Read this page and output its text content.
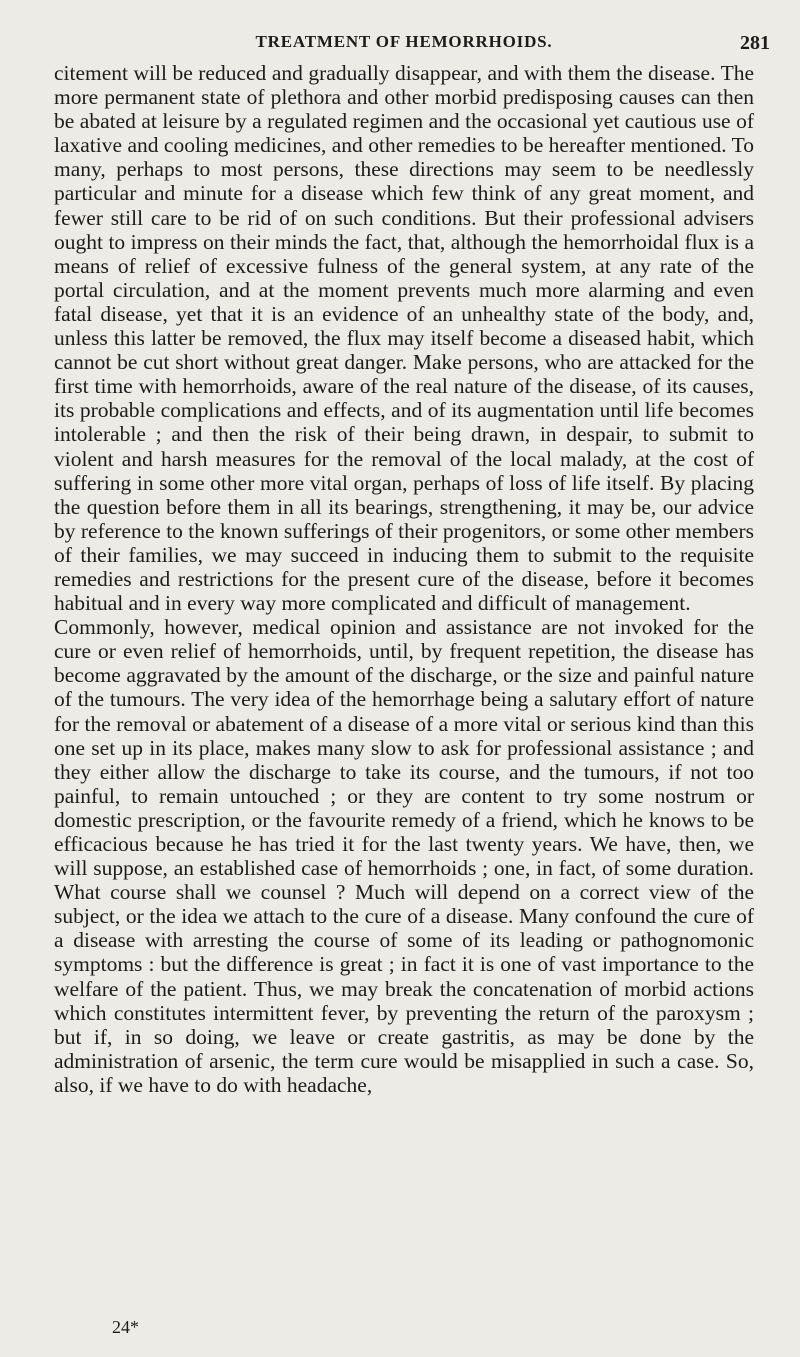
TREATMENT OF HEMORRHOIDS.	281

citement will be reduced and gradually disappear, and with them the disease. The more permanent state of plethora and other morbid predisposing causes can then be abated at leisure by a regulated regimen and the occasional yet cautious use of laxative and cooling medicines, and other remedies to be hereafter mentioned. To many, perhaps to most persons, these directions may seem to be needlessly particular and minute for a disease which few think of any great moment, and fewer still care to be rid of on such conditions. But their professional advisers ought to impress on their minds the fact, that, although the hemorrhoidal flux is a means of relief of excessive fulness of the general system, at any rate of the portal circulation, and at the moment prevents much more alarming and even fatal disease, yet that it is an evidence of an unhealthy state of the body, and, unless this latter be removed, the flux may itself become a diseased habit, which cannot be cut short without great danger. Make persons, who are attacked for the first time with hemorrhoids, aware of the real nature of the disease, of its causes, its probable complications and effects, and of its augmentation until life becomes intolerable ; and then the risk of their being drawn, in despair, to submit to violent and harsh measures for the removal of the local malady, at the cost of suffering in some other more vital organ, perhaps of loss of life itself. By placing the question before them in all its bearings, strengthening, it may be, our advice by reference to the known sufferings of their progenitors, or some other members of their families, we may succeed in inducing them to submit to the requisite remedies and restrictions for the present cure of the disease, before it becomes habitual and in every way more complicated and difficult of management.

Commonly, however, medical opinion and assistance are not invoked for the cure or even relief of hemorrhoids, until, by frequent repetition, the disease has become aggravated by the amount of the discharge, or the size and painful nature of the tumours. The very idea of the hemorrhage being a salutary effort of nature for the removal or abatement of a disease of a more vital or serious kind than this one set up in its place, makes many slow to ask for professional assistance ; and they either allow the discharge to take its course, and the tumours, if not too painful, to remain untouched ; or they are content to try some nostrum or domestic prescription, or the favourite remedy of a friend, which he knows to be efficacious because he has tried it for the last twenty years. We have, then, we will suppose, an established case of hemorrhoids ; one, in fact, of some duration. What course shall we counsel ? Much will depend on a correct view of the subject, or the idea we attach to the cure of a disease. Many confound the cure of a disease with arresting the course of some of its leading or pathognomonic symptoms : but the difference is great ; in fact it is one of vast importance to the welfare of the patient. Thus, we may break the concatenation of morbid actions which constitutes intermittent fever, by preventing the return of the paroxysm ; but if, in so doing, we leave or create gastritis, as may be done by the administration of arsenic, the term cure would be misapplied in such a case. So, also, if we have to do with headache,

24*
